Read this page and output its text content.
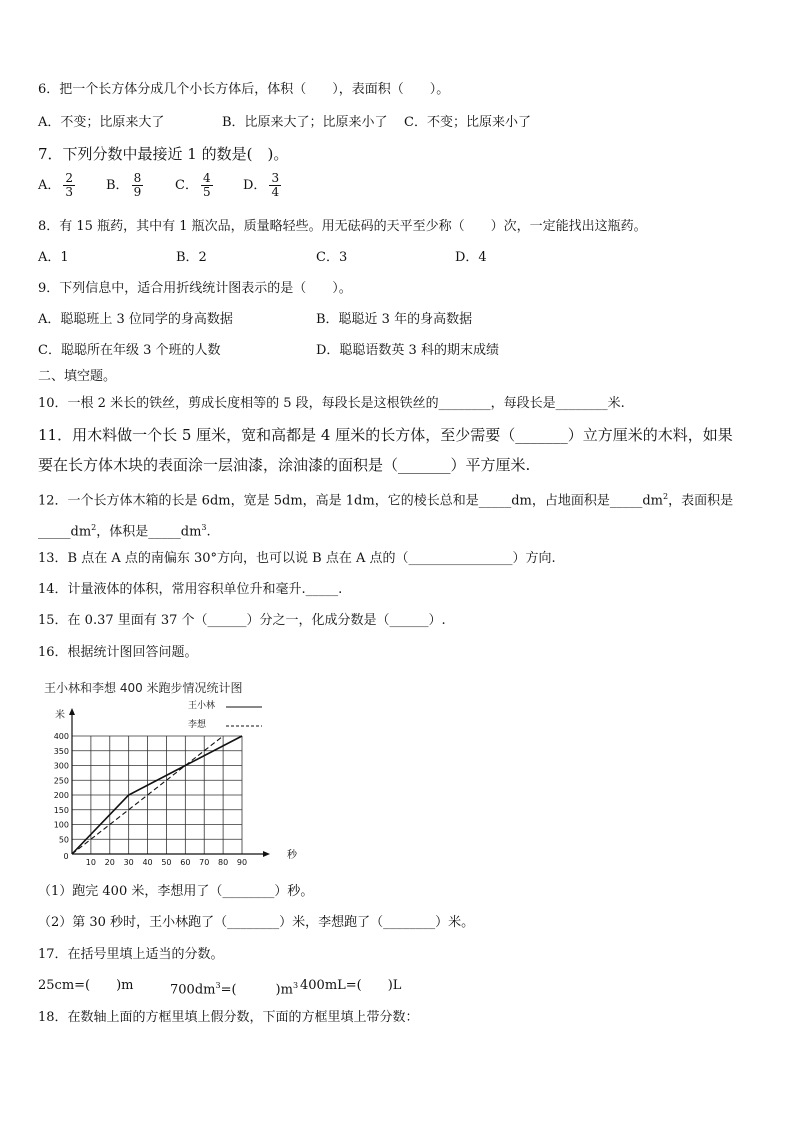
6．把一个长方体分成几个小长方体后，体积（　　），表面积（　　）。
A．不变；比原来大了	B．比原来大了；比原来小了 C．不变；比原来小了
7．下列分数中最接近 1 的数是(　)。
A． $\frac{2}{3}$ B． $\frac{8}{9}$ C． $\frac{4}{5}$ D． $\frac{3}{4}$
8．有 15 瓶药，其中有 1 瓶次品，质量略轻些。用无砝码的天平至少称（　　）次，一定能找出这瓶药。
A．1	B．2	C．3	D．4
9．下列信息中，适合用折线统计图表示的是（　　）。
A．聪聪班上 3 位同学的身高数据	B．聪聪近 3 年的身高数据
C．聪聪所在年级 3 个班的人数	D．聪聪语数英 3 科的期末成绩
二、填空题。
10．一根 2 米长的铁丝，剪成长度相等的 5 段，每段长是这根铁丝的________，每段长是________米.
11．用木料做一个长 5 厘米，宽和高都是 4 厘米的长方体，至少需要（_______）立方厘米的木料，如果
要在长方体木块的表面涂一层油漆，涂油漆的面积是（_______）平方厘米.
12．一个长方体木箱的长是 6dm，宽是 5dm，高是 1dm，它的棱长总和是_____dm，占地面积是$\_\_\_\_\_dm^2$，表面积是
$\_\_\_\_\_dm^2$，体积是$\_\_\_\_\_dm^3$.
13．B 点在 A 点的南偏东 30°方向，也可以说 B 点在 A 点的（________________）方向.
14．计量液体的体积，常用容积单位升和毫升._____.
15．在 0.37 里面有 37 个（______）分之一，化成分数是（______）.
16．根据统计图回答问题。
王小林和李想 400 米跑步情况统计图
米
秒
50
100
150
200
250
300
350
400
0
10 20 30 40 50 60 70 80 90
王小林
李想
（1）跑完 400 米，李想用了（________）秒。
（2）第 30 秒时，王小林跑了（________）米，李想跑了（________）米。
17．在括号里填上适当的分数。
25cm=(　　)m	$700dm^3=$(　　　)$m^3$ 400mL=(　　)L
18．在数轴上面的方框里填上假分数，下面的方框里填上带分数：
